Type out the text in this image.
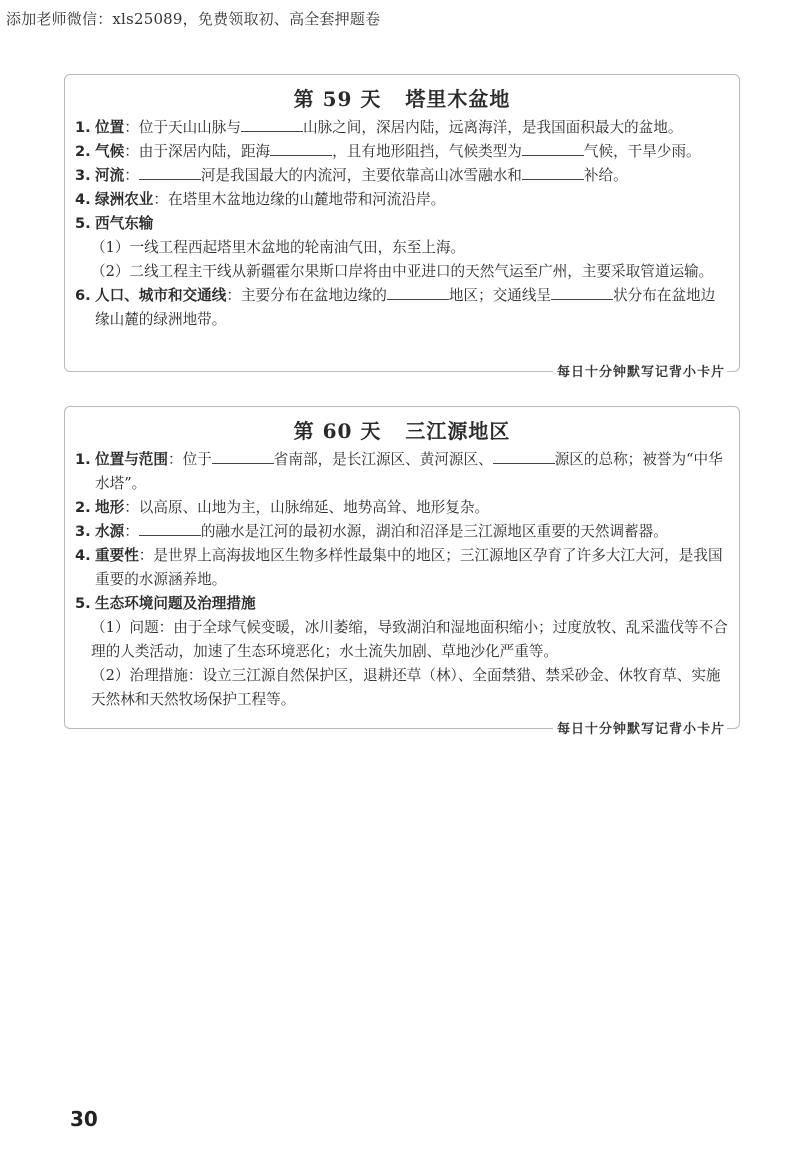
添加老师微信：xls25089，免费领取初、高全套押题卷
第 59 天 塔里木盆地
1. 位置：位于天山山脉与	山脉之间，深居内陆，远离海洋，是我国面积最大的盆地。
2. 气候：由于深居内陆，距海	，且有地形阻挡，气候类型为	气候，干旱少雨。
3. 河流：	河是我国最大的内流河，主要依靠高山冰雪融水和	补给。
4. 绿洲农业：在塔里木盆地边缘的山麓地带和河流沿岸。
5. 西气东输
（1）一线工程西起塔里木盆地的轮南油气田，东至上海。
（2）二线工程主干线从新疆霍尔果斯口岸将由中亚进口的天然气运至广州，主要采取管道运输。
6. 人口、城市和交通线：主要分布在盆地边缘的	地区；交通线呈	状分布在盆地边缘山麓的绿洲地带。
每日十分钟默写记背小卡片
第 60 天 三江源地区
1. 位置与范围：位于	省南部，是长江源区、黄河源区、	源区的总称；被誉为“中华水塔”。
2. 地形：以高原、山地为主，山脉绵延、地势高耸、地形复杂。
3. 水源：	的融水是江河的最初水源，湖泊和沼泽是三江源地区重要的天然调蓄器。
4. 重要性：是世界上高海拔地区生物多样性最集中的地区；三江源地区孕育了许多大江大河，是我国重要的水源涵养地。
5. 生态环境问题及治理措施
（1）问题：由于全球气候变暖，冰川萎缩，导致湖泊和湿地面积缩小；过度放牧、乱采滥伐等不合理的人类活动，加速了生态环境恶化；水土流失加剧、草地沙化严重等。
（2）治理措施：设立三江源自然保护区，退耕还草（林）、全面禁猎、禁采砂金、休牧育草、实施天然林和天然牧场保护工程等。
每日十分钟默写记背小卡片
30
